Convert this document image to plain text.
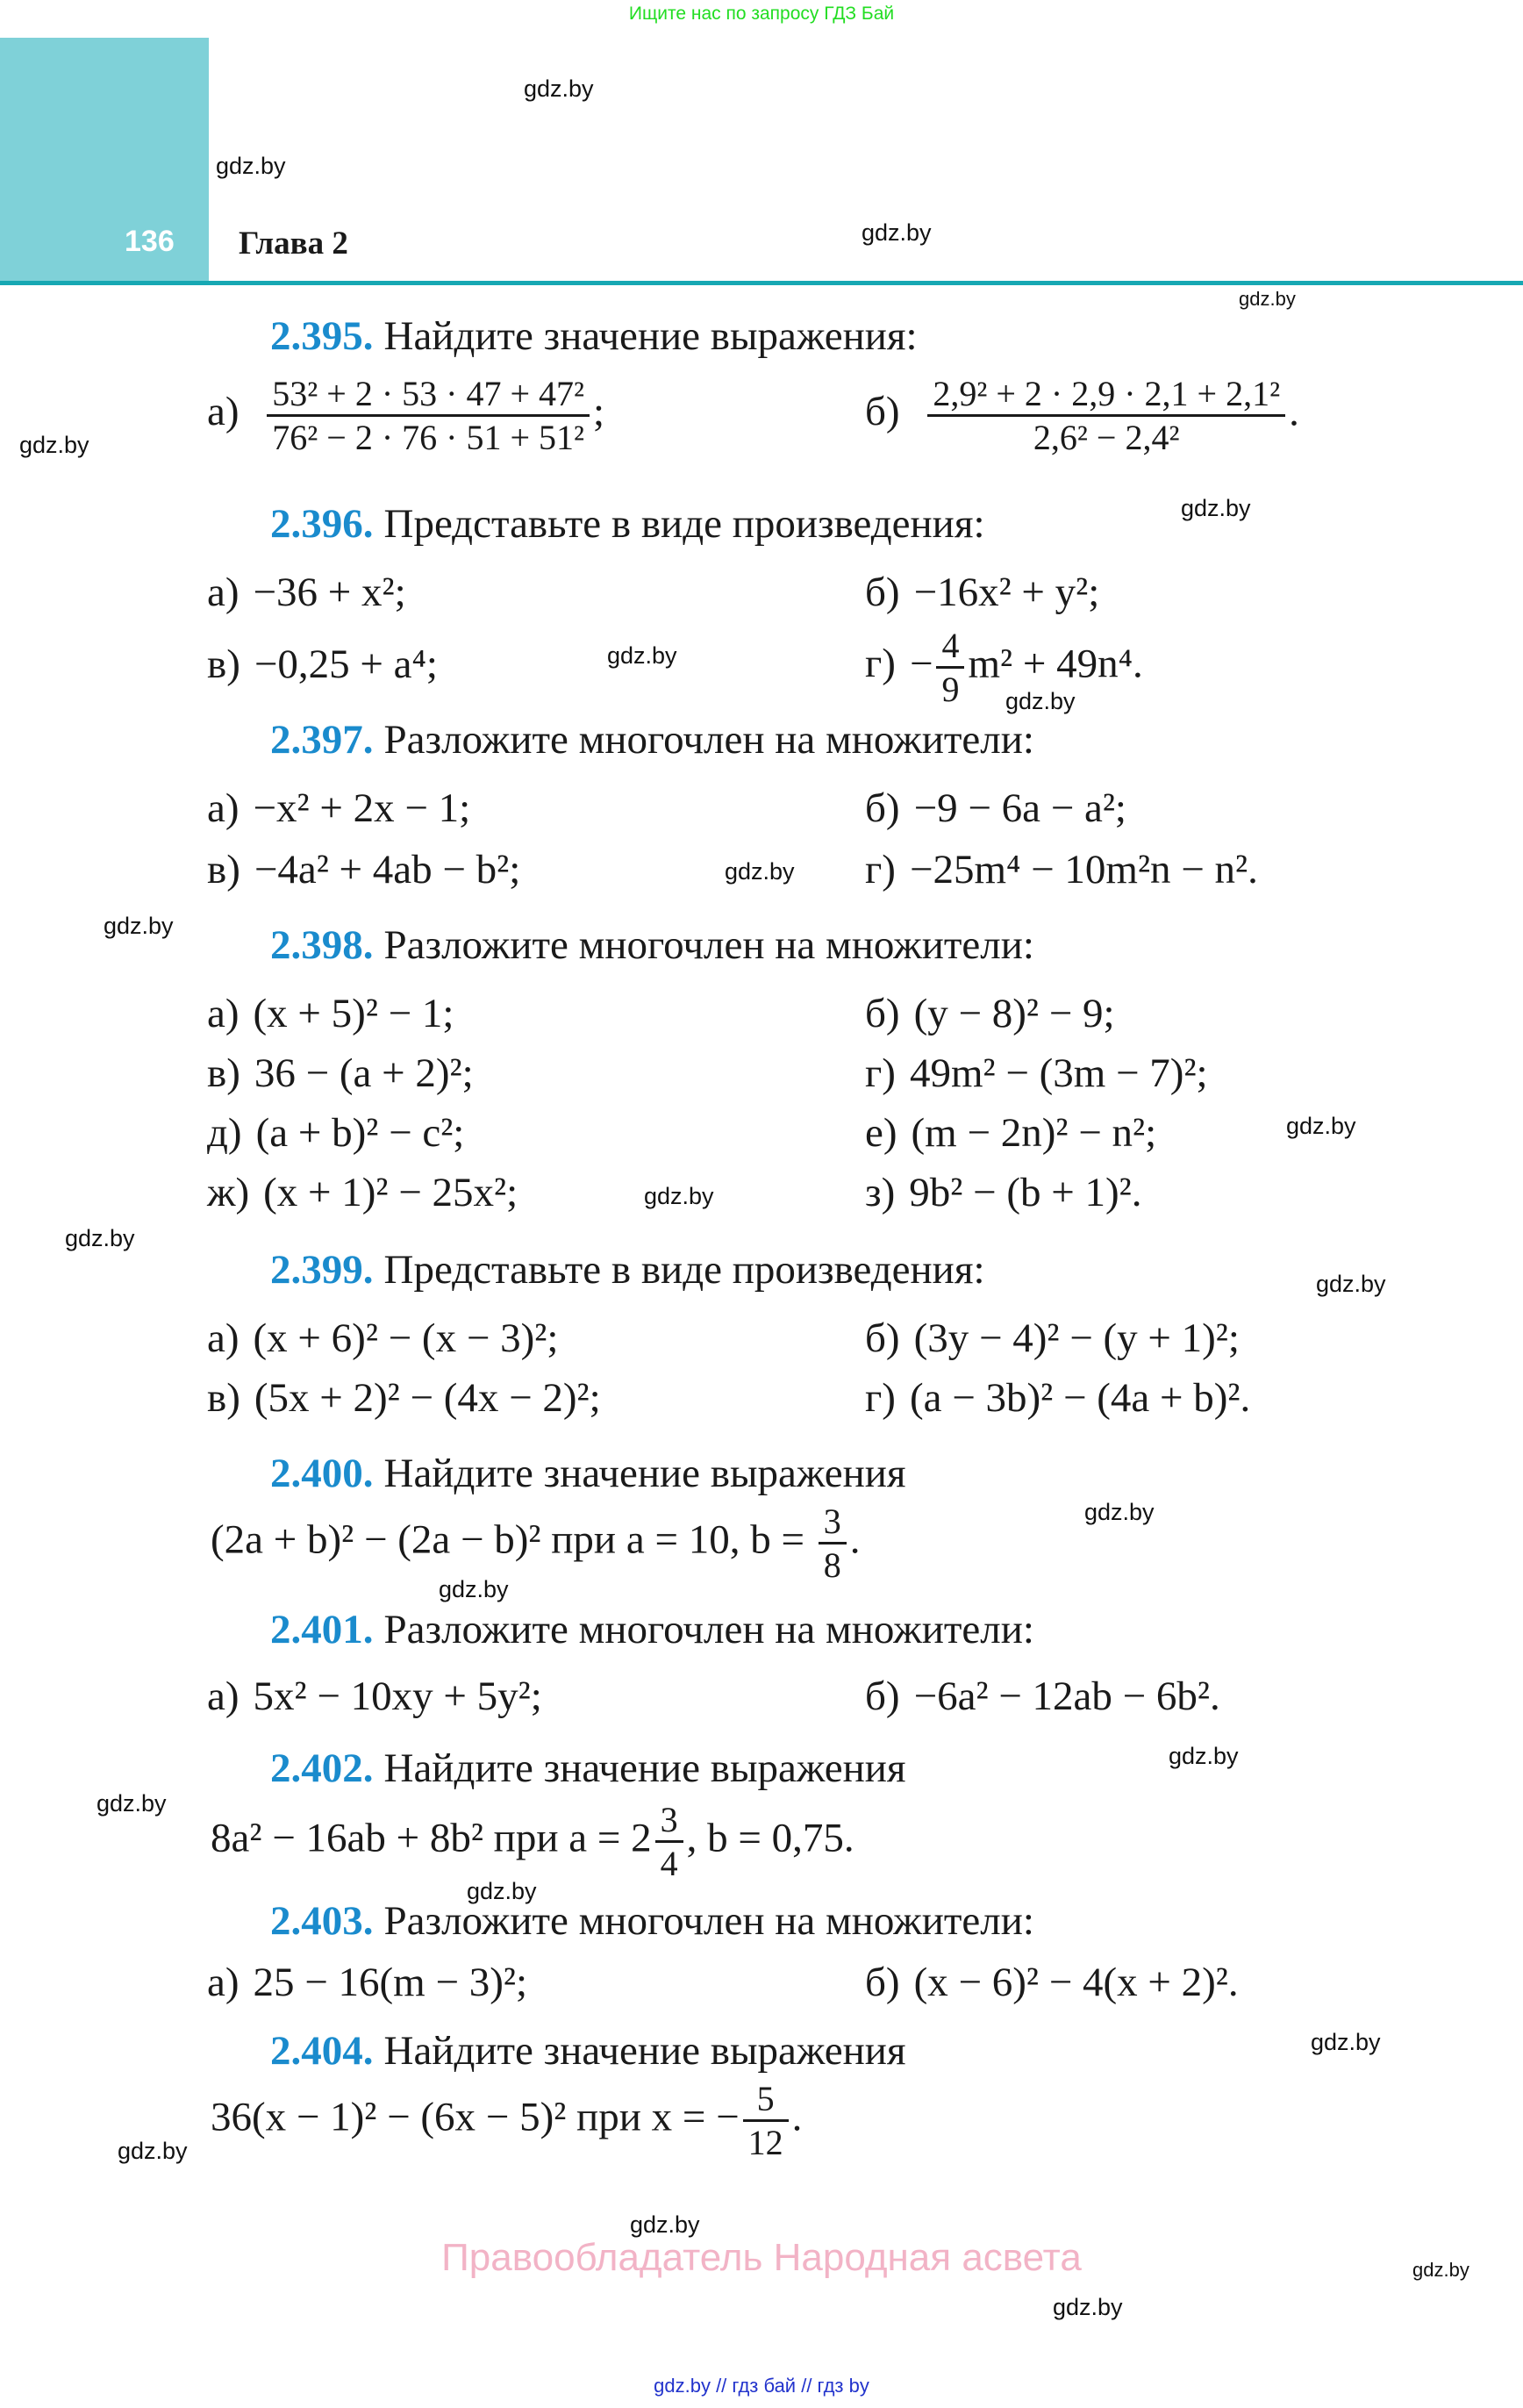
Ищите нас по запросу ГДЗ Бай
136 Глава 2
gdz.by
gdz.by
gdz.by
gdz.by
gdz.by
gdz.by
gdz.by
gdz.by
gdz.by
gdz.by
gdz.by
gdz.by
gdz.by
gdz.by
gdz.by
gdz.by
gdz.by
gdz.by
gdz.by
gdz.by
gdz.by
gdz.by
gdz.by
gdz.by
2.395. Найдите значение выражения:
$а) \frac{\text{53² + 2 · 53 · 47 + 47²}}{\text{76² − 2 · 76 · 51 + 51²}}$ ;	$б) \frac{\text{2,9² + 2 · 2,9 · 2,1 + 2,1²}}{\text{2,6² − 2,4²}}$ .
2.396. Представьте в виде произведения:
а) −36 + x²;	б) −16x² + y²;
в) −0,25 + a⁴;	$г) - \frac{4}{9} m^2 + 49n^4$.
2.397. Разложите многочлен на множители:
а) −x² + 2x − 1;	б) −9 − 6a − a²;
в) −4a² + 4ab − b²;	г) −25m⁴ − 10m²n − n².
2.398. Разложите многочлен на множители:
а) (x + 5)² − 1;	б) (y − 8)² − 9;
в) 36 − (a + 2)²;	г) 49m² − (3m − 7)²;
д) (a + b)² − c²;	е) (m − 2n)² − n²;
ж) (x + 1)² − 25x²;	з) 9b² − (b + 1)².
2.399. Представьте в виде произведения:
а) (x + 6)² − (x − 3)²;	б) (3y − 4)² − (y + 1)²;
в) (5x + 2)² − (4x − 2)²;	г) (a − 3b)² − (4a + b)².
2.400. Найдите значение выражения
(2a + b)² − (2a − b)² при a = 10, $b = \frac{3}{8}$ .
2.401. Разложите многочлен на множители:
а) 5x² − 10xy + 5y²;	б) −6a² − 12ab − 6b².
2.402. Найдите значение выражения
8a² − 16ab + 8b² при $a = 2 \frac{3}{4}$ , b = 0,75.
2.403. Разложите многочлен на множители:
а) 25 − 16(m − 3)²;	б) (x − 6)² − 4(x + 2)².
2.404. Найдите значение выражения
36(x − 1)² − (6x − 5)² при x = − $\frac{5}{12}$ .
Правообладатель Народная асвета
gdz.by // гдз бай // гдз by
